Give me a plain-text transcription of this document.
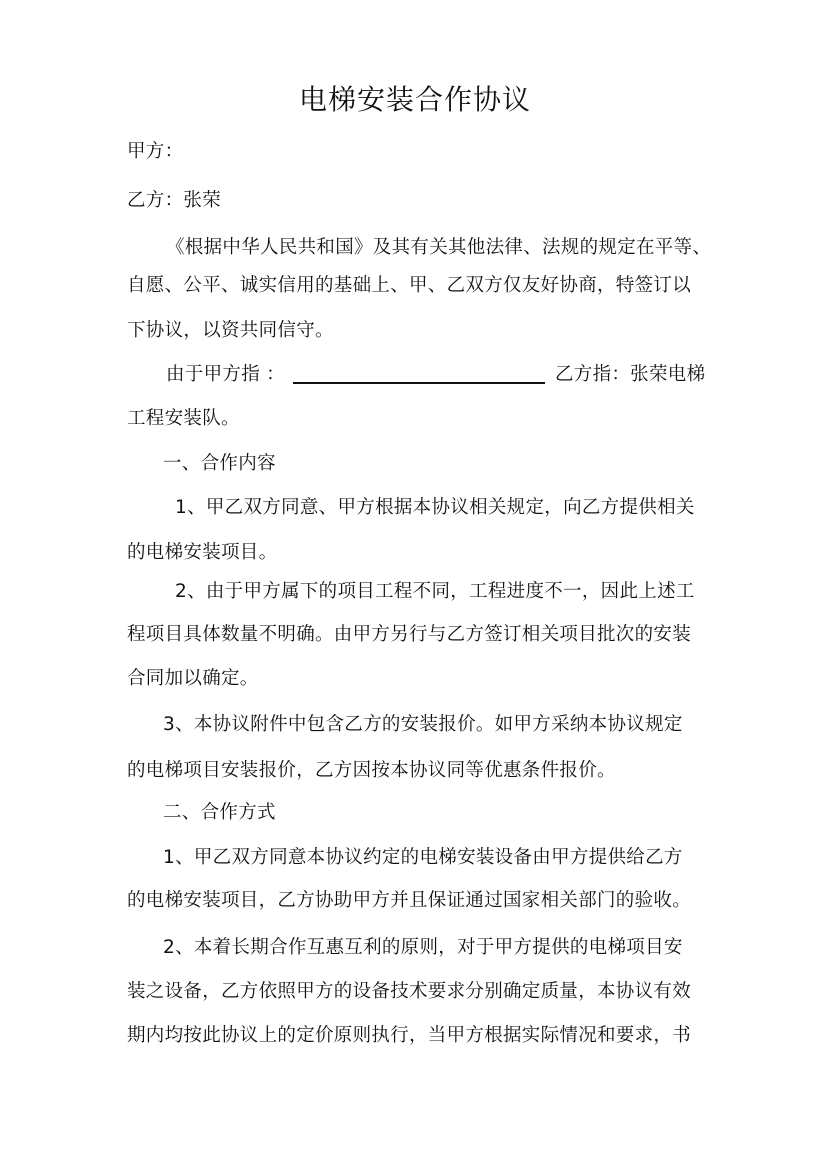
电梯安装合作协议
甲方：
乙方：张荣
《根据中华人民共和国》及其有关其他法律、法规的规定在平等、
自愿、公平、诚实信用的基础上、甲、乙双方仅友好协商，特签订以
下协议，以资共同信守。
由于甲方指 ：	乙方指：张荣电梯
工程安装队。
一、合作内容
1、甲乙双方同意、甲方根据本协议相关规定，向乙方提供相关
的电梯安装项目。
2、由于甲方属下的项目工程不同，工程进度不一，因此上述工
程项目具体数量不明确。由甲方另行与乙方签订相关项目批次的安装
合同加以确定。
3、本协议附件中包含乙方的安装报价。如甲方采纳本协议规定
的电梯项目安装报价，乙方因按本协议同等优惠条件报价。
二、合作方式
1、甲乙双方同意本协议约定的电梯安装设备由甲方提供给乙方
的电梯安装项目，乙方协助甲方并且保证通过国家相关部门的验收。
2、本着长期合作互惠互利的原则，对于甲方提供的电梯项目安
装之设备，乙方依照甲方的设备技术要求分别确定质量，本协议有效
期内均按此协议上的定价原则执行，当甲方根据实际情况和要求，书
